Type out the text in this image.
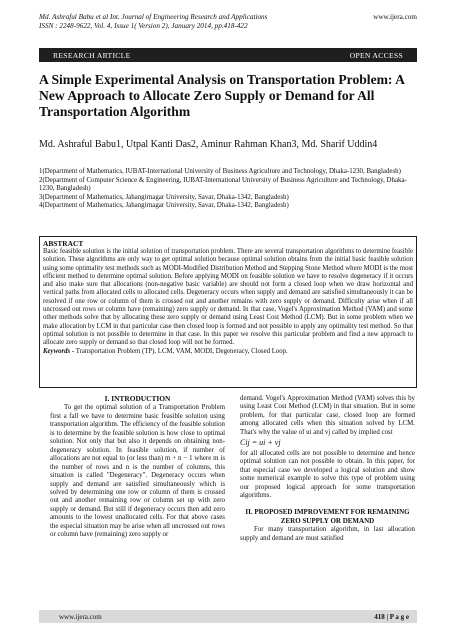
Md. Ashraful Babu et al Int. Journal of Engineering Research and Applications
ISSN : 2248-9622, Vol. 4, Issue 1( Version 2), January 2014, pp.418-422
www.ijera.com
RESEARCH ARTICLE	OPEN ACCESS
A Simple Experimental Analysis on Transportation Problem: A New Approach to Allocate Zero Supply or Demand for All Transportation Algorithm
Md. Ashraful Babu1, Utpal Kanti Das2, Aminur Rahman Khan3, Md. Sharif Uddin4
1(Department of Mathematics, IUBAT-International University of Business Agriculture and Technology, Dhaka-1230, Bangladesh)
2(Department of Computer Science & Engineering, IUBAT-International University of Business Agriculture and Technology, Dhaka-1230, Bangladesh)
3(Department of Mathematics, Jahangirnagar University, Savar, Dhaka-1342, Bangladesh)
4(Department of Mathematics, Jahangirnagar University, Savar, Dhaka-1342, Bangladesh)
ABSTRACT
Basic feasible solution is the initial solution of transportation problem. There are several transportation algorithms to determine feasible solution. These algorithms are only way to get optimal solution because optimal solution obtains from the initial basic feasible solution using some optimality test methods such as MODI-Modified Distribution Method and Stepping Stone Method where MODI is the most efficient method to determine optimal solution. Before applying MODI on feasible solution we have to resolve degeneracy if it occurs and also make sure that allocations (non-negative basic variable) are should not form a closed loop when we draw horizontal and vertical paths from allocated cells to allocated cells. Degeneracy occurs when supply and demand are satisfied simultaneously it can be resolved if one row or column of them is crossed out and another remains with zero supply or demand. Difficulty arise when if all uncrossed out rows or column have (remaining) zero supply or demand. In that case, Vogel's Approximation Method (VAM) and some other methods solve that by allocating these zero supply or demand using Least Cost Method (LCM). But in some problem when we make allocation by LCM in that particular case then closed loop is formed and not possible to apply any optimality test method. So that optimal solution is not possible to determine in that case. In this paper we resolve this particular problem and find a new approach to allocate zero supply or demand so that closed loop will not be formed.
Keywords - Transportation Problem (TP), LCM, VAM, MODI, Degeneracy, Closed Loop.
I. INTRODUCTION
To get the optimal solution of a Transportation Problem first a fall we have to determine basic feasible solution using transportation algorithm. The efficiency of the feasible solution is to determine by the feasible solution is how close to optimal solution. Not only that but also it depends on obtaining non-degeneracy solution. In feasible solution, if number of allocations are not equal to (or less than) m + n − 1 where m is the number of rows and n is the number of columns, this situation is called "Degeneracy". Degeneracy occurs when supply and demand are satisfied simultaneously which is solved by determining one row or column of them is crossed out and another remaining row or column set up with zero supply or demand. But still if degeneracy occurs then add zero amounts to the lowest unallocated cells. For that above cases the especial situation may be arise when all uncrossed out rows or column have (remaining) zero supply or
demand. Vogel's Approximation Method (VAM) solves this by using Least Cost Method (LCM) in that situation. But in some problem, for that particular case, closed loop are formed among allocated cells when this situation solved by LCM. That's why the value of ui and vj called by implied cost
Cij = ui + vj
for all allocated cells are not possible to determine and hence optimal solution can not possible to obtain. In this paper, for that especial case we developed a logical solution and show some numerical example to solve this type of problem using our proposed logical approach for some transportation algorithms.
II. PROPOSED IMPROVEMENT FOR REMAINING ZERO SUPPLY OR DEMAND
For many transportation algorithm, in last allocation supply and demand are must satisfied
www.ijera.com	418 | P a g e
